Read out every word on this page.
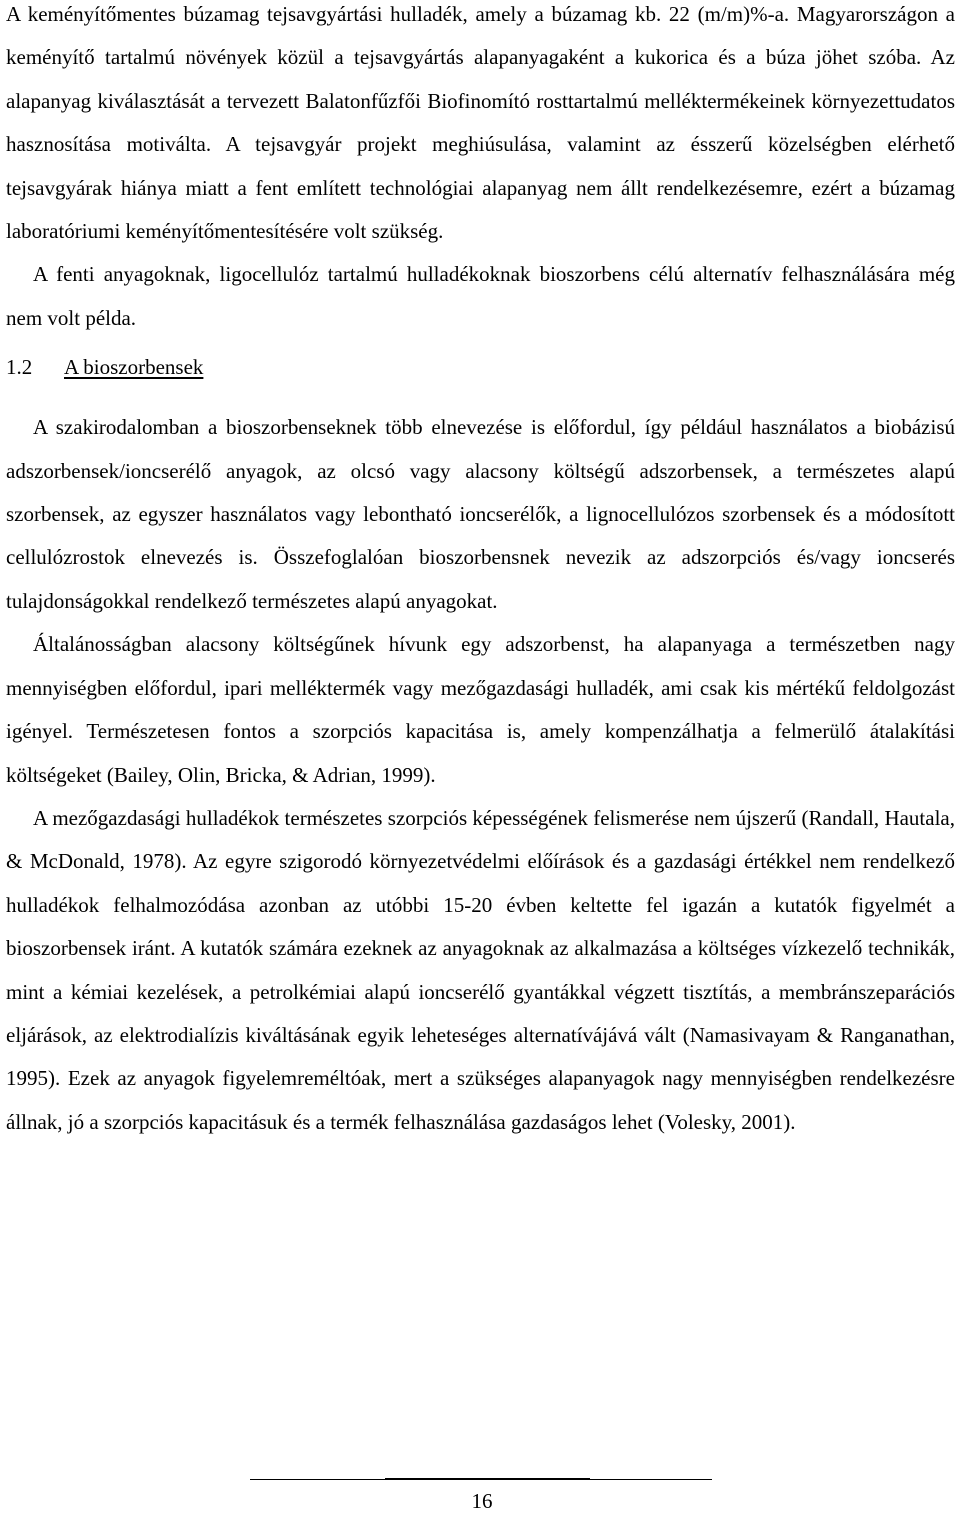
A keményítőmentes búzamag tejsavgyártási hulladék, amely a búzamag kb. 22 (m/m)%-a. Magyarországon a keményítő tartalmú növények közül a tejsavgyártás alapanyagaként a kukorica és a búza jöhet szóba. Az alapanyag kiválasztását a tervezett Balatonfűzfői Biofinomító rosttartalmú melléktermékeinek környezettudatos hasznosítása motiválta. A tejsavgyár projekt meghiúsulása, valamint az ésszerű közelségben elérhető tejsavgyárak hiánya miatt a fent említett technológiai alapanyag nem állt rendelkezésemre, ezért a búzamag laboratóriumi keményítőmentesítésére volt szükség.

A fenti anyagoknak, ligocellulóz tartalmú hulladékoknak bioszorbens célú alternatív felhasználására még nem volt példa.

1.2 A bioszorbensek

A szakirodalomban a bioszorbenseknek több elnevezése is előfordul, így például használatos a biobázisú adszorbensek/ioncserélő anyagok, az olcsó vagy alacsony költségű adszorbensek, a természetes alapú szorbensek, az egyszer használatos vagy lebontható ioncserélők, a lignocellulózos szorbensek és a módosított cellulózrostok elnevezés is. Összefoglalóan bioszorbensnek nevezik az adszorpciós és/vagy ioncserés tulajdonságokkal rendelkező természetes alapú anyagokat.

Általánosságban alacsony költségűnek hívunk egy adszorbenst, ha alapanyaga a természetben nagy mennyiségben előfordul, ipari melléktermék vagy mezőgazdasági hulladék, ami csak kis mértékű feldolgozást igényel. Természetesen fontos a szorpciós kapacitása is, amely kompenzálhatja a felmerülő átalakítási költségeket (Bailey, Olin, Bricka, & Adrian, 1999).

A mezőgazdasági hulladékok természetes szorpciós képességének felismerése nem újszerű (Randall, Hautala, & McDonald, 1978). Az egyre szigorodó környezetvédelmi előírások és a gazdasági értékkel nem rendelkező hulladékok felhalmozódása azonban az utóbbi 15-20 évben keltette fel igazán a kutatók figyelmét a bioszorbensek iránt. A kutatók számára ezeknek az anyagoknak az alkalmazása a költséges vízkezelő technikák, mint a kémiai kezelések, a petrolkémiai alapú ioncserélő gyantákkal végzett tisztítás, a membránszeparációs eljárások, az elektrodialízis kiváltásának egyik leheteséges alternatívájává vált (Namasivayam & Ranganathan, 1995). Ezek az anyagok figyelemreméltóak, mert a szükséges alapanyagok nagy mennyiségben rendelkezésre állnak, jó a szorpciós kapacitásuk és a termék felhasználása gazdaságos lehet (Volesky, 2001).

16
